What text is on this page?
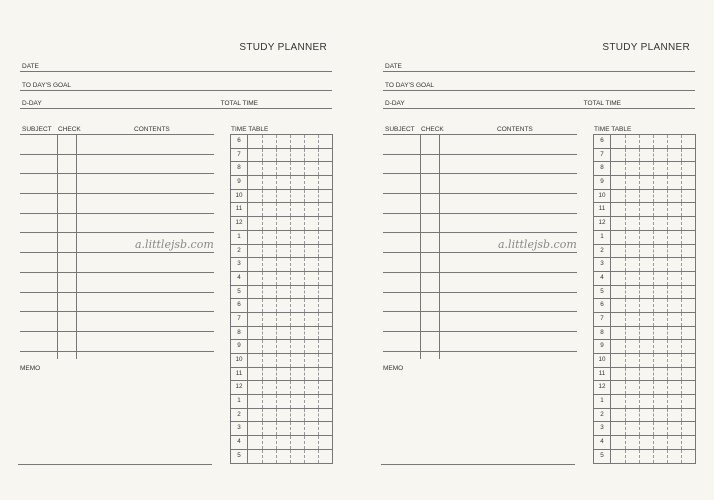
STUDY PLANNER
DATE
TO DAY'S GOAL
D-DAY	TOTAL TIME
SUBJECT CHECK	CONTENTS	TIME TABLE
6
7
8
9
10
11
12
1
2
3
4
5
6
7
8
9
10
11
12
1
2
3
4
5
MEMO
a.littlejsb.com
STUDY PLANNER
DATE
TO DAY'S GOAL
D-DAY	TOTAL TIME
SUBJECT CHECK	CONTENTS	TIME TABLE
6
7
8
9
10
11
12
1
2
3
4
5
6
7
8
9
10
11
12
1
2
3
4
5
MEMO
a.littlejsb.com
